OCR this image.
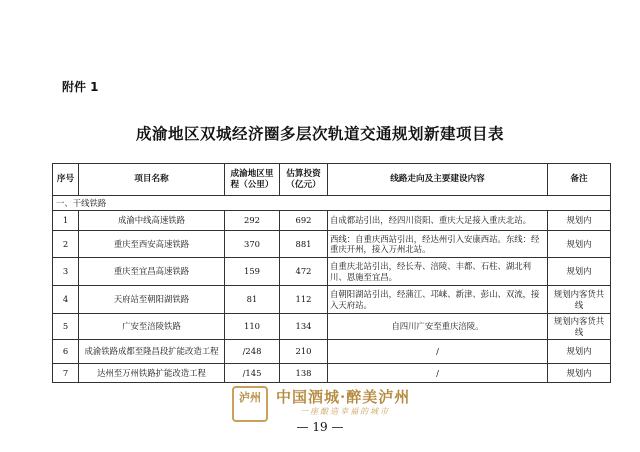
附件 1
成渝地区双城经济圈多层次轨道交通规划新建项目表
序号	项目名称	成渝地区里程（公里）	估算投资（亿元）	线路走向及主要建设内容	备注
一、干线铁路					
1	成渝中线高速铁路	292	692	自成都站引出，经四川资阳、重庆大足接入重庆北站。	规划内
2	重庆至西安高速铁路	370	881	西线：自重庆西站引出，经达州引入安康西站。东线：经重庆开州，接入万州北站。	规划内
3	重庆至宜昌高速铁路	159	472	自重庆北站引出，经长寿、涪陵、丰都、石柱、湖北利川、恩施至宜昌。	规划内
4	天府站至朝阳湖铁路	81	112	自朝阳湖站引出，经蒲江、邛崃、新津、彭山、双流，接入天府站。	规划内客货共线
5	广安至涪陵铁路	110	134	自四川广安至重庆涪陵。	规划内客货共线
6	成渝铁路成都至隆昌段扩能改造工程	/248	210	/	规划内
7	达州至万州铁路扩能改造工程	/145	138	/	规划内
泸州	中国酒城·醉美泸州
一座酿造幸福的城市
— 19 —
